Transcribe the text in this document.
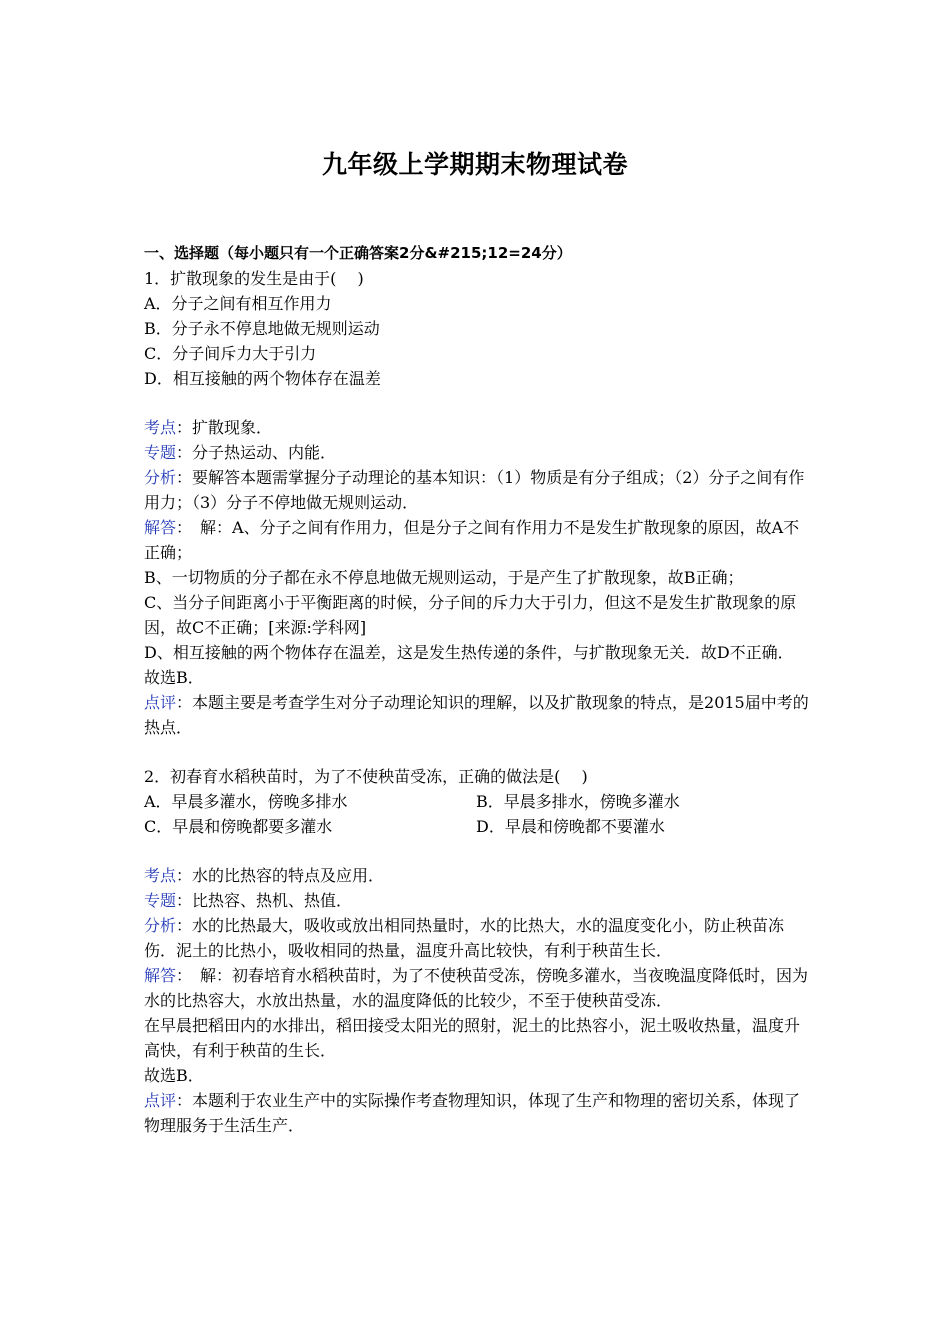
九年级上学期期末物理试卷
一、选择题（每小题只有一个正确答案2分&#215;12=24分）
1．扩散现象的发生是由于(　 )
A．分子之间有相互作用力
B．分子永不停息地做无规则运动
C．分子间斥力大于引力
D．相互接触的两个物体存在温差
考点：扩散现象．
专题：分子热运动、内能．
分析：要解答本题需掌握分子动理论的基本知识：（1）物质是有分子组成；（2）分子之间有作用力；（3）分子不停地做无规则运动．
解答：　解：A、分子之间有作用力，但是分子之间有作用力不是发生扩散现象的原因，故A不正确；
B、一切物质的分子都在永不停息地做无规则运动，于是产生了扩散现象，故B正确；
C、当分子间距离小于平衡距离的时候，分子间的斥力大于引力，但这不是发生扩散现象的原因，故C不正确；[来源:学科网]
D、相互接触的两个物体存在温差，这是发生热传递的条件，与扩散现象无关．故D不正确．
故选B．
点评：本题主要是考查学生对分子动理论知识的理解，以及扩散现象的特点，是2015届中考的热点．
2．初春育水稻秧苗时，为了不使秧苗受冻，正确的做法是(　 )
A．早晨多灌水，傍晚多排水	B．早晨多排水，傍晚多灌水
C．早晨和傍晚都要多灌水	D．早晨和傍晚都不要灌水
考点：水的比热容的特点及应用．
专题：比热容、热机、热值．
分析：水的比热最大，吸收或放出相同热量时，水的比热大，水的温度变化小，防止秧苗冻伤．泥土的比热小，吸收相同的热量，温度升高比较快，有利于秧苗生长．
解答：　解：初春培育水稻秧苗时，为了不使秧苗受冻，傍晚多灌水，当夜晚温度降低时，因为水的比热容大，水放出热量，水的温度降低的比较少，不至于使秧苗受冻．
在早晨把稻田内的水排出，稻田接受太阳光的照射，泥土的比热容小，泥土吸收热量，温度升高快，有利于秧苗的生长．
故选B．
点评：本题利于农业生产中的实际操作考查物理知识，体现了生产和物理的密切关系，体现了物理服务于生活生产．
